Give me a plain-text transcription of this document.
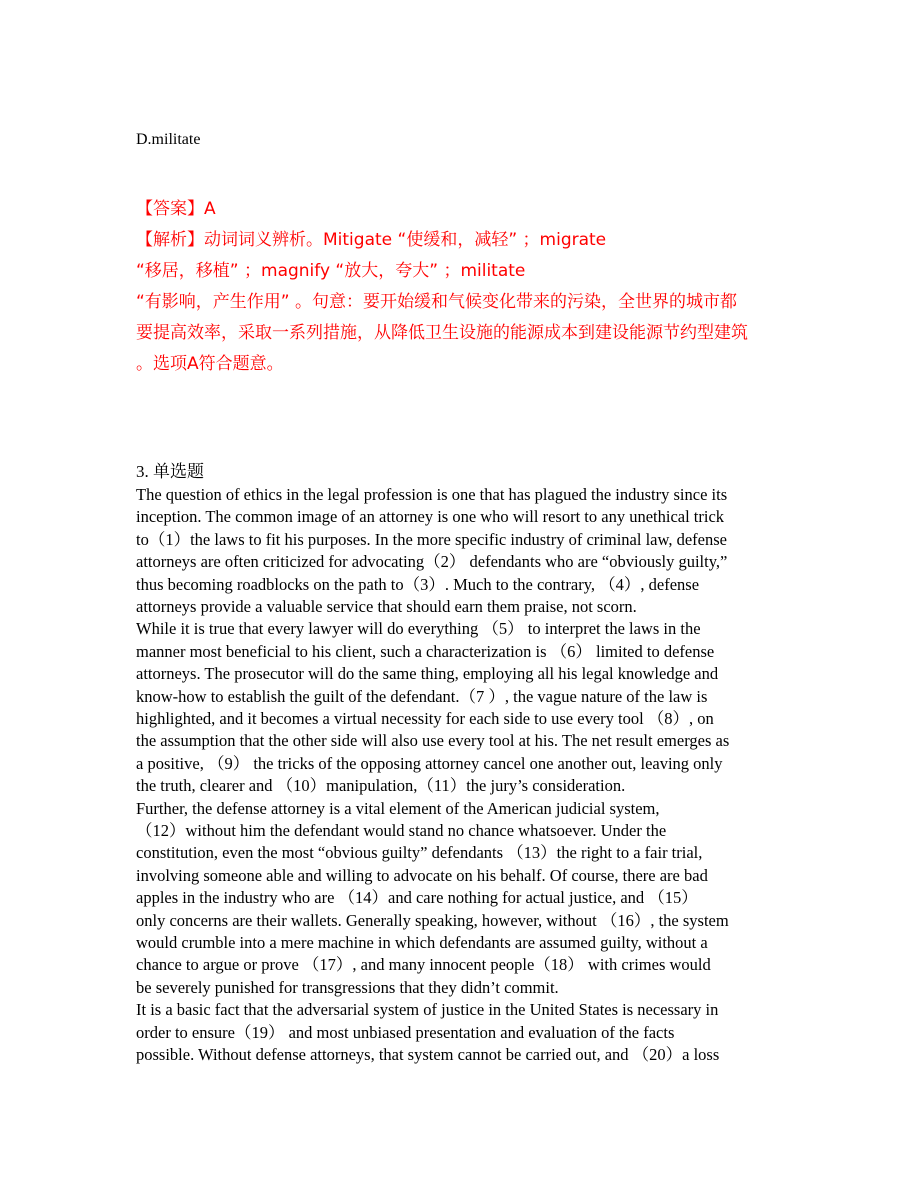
D.militate
【答案】A
【解析】动词词义辨析。Mitigate “使缓和，减轻” ；migrate
“移居，移植” ；magnify “放大，夸大” ；militate
“有影响，产生作用” 。句意：要开始缓和气候变化带来的污染，全世界的城市都
要提高效率，采取一系列措施，从降低卫生设施的能源成本到建设能源节约型建筑
。选项A符合题意。
3. 单选题
The question of ethics in the legal profession is one that has plagued the industry since its
inception. The common image of an attorney is one who will resort to any unethical trick
to（1）the laws to fit his purposes. In the more specific industry of criminal law, defense
attorneys are often criticized for advocating（2） defendants who are “obviously guilty,”
thus becoming roadblocks on the path to（3）. Much to the contrary, （4）, defense
attorneys provide a valuable service that should earn them praise, not scorn.
While it is true that every lawyer will do everything （5） to interpret the laws in the
manner most beneficial to his client, such a characterization is （6） limited to defense
attorneys. The prosecutor will do the same thing, employing all his legal knowledge and
know-how to establish the guilt of the defendant.（7 ）, the vague nature of the law is
highlighted, and it becomes a virtual necessity for each side to use every tool （8）, on
the assumption that the other side will also use every tool at his. The net result emerges as
a positive, （9） the tricks of the opposing attorney cancel one another out, leaving only
the truth, clearer and （10）manipulation,（11）the jury’s consideration.
Further, the defense attorney is a vital element of the American judicial system,
（12）without him the defendant would stand no chance whatsoever. Under the
constitution, even the most “obvious guilty” defendants （13）the right to a fair trial,
involving someone able and willing to advocate on his behalf. Of course, there are bad
apples in the industry who are （14）and care nothing for actual justice, and （15）
only concerns are their wallets. Generally speaking, however, without （16）, the system
would crumble into a mere machine in which defendants are assumed guilty, without a
chance to argue or prove （17）, and many innocent people（18） with crimes would
be severely punished for transgressions that they didn’t commit.
It is a basic fact that the adversarial system of justice in the United States is necessary in
order to ensure（19） and most unbiased presentation and evaluation of the facts
possible. Without defense attorneys, that system cannot be carried out, and （20）a loss
